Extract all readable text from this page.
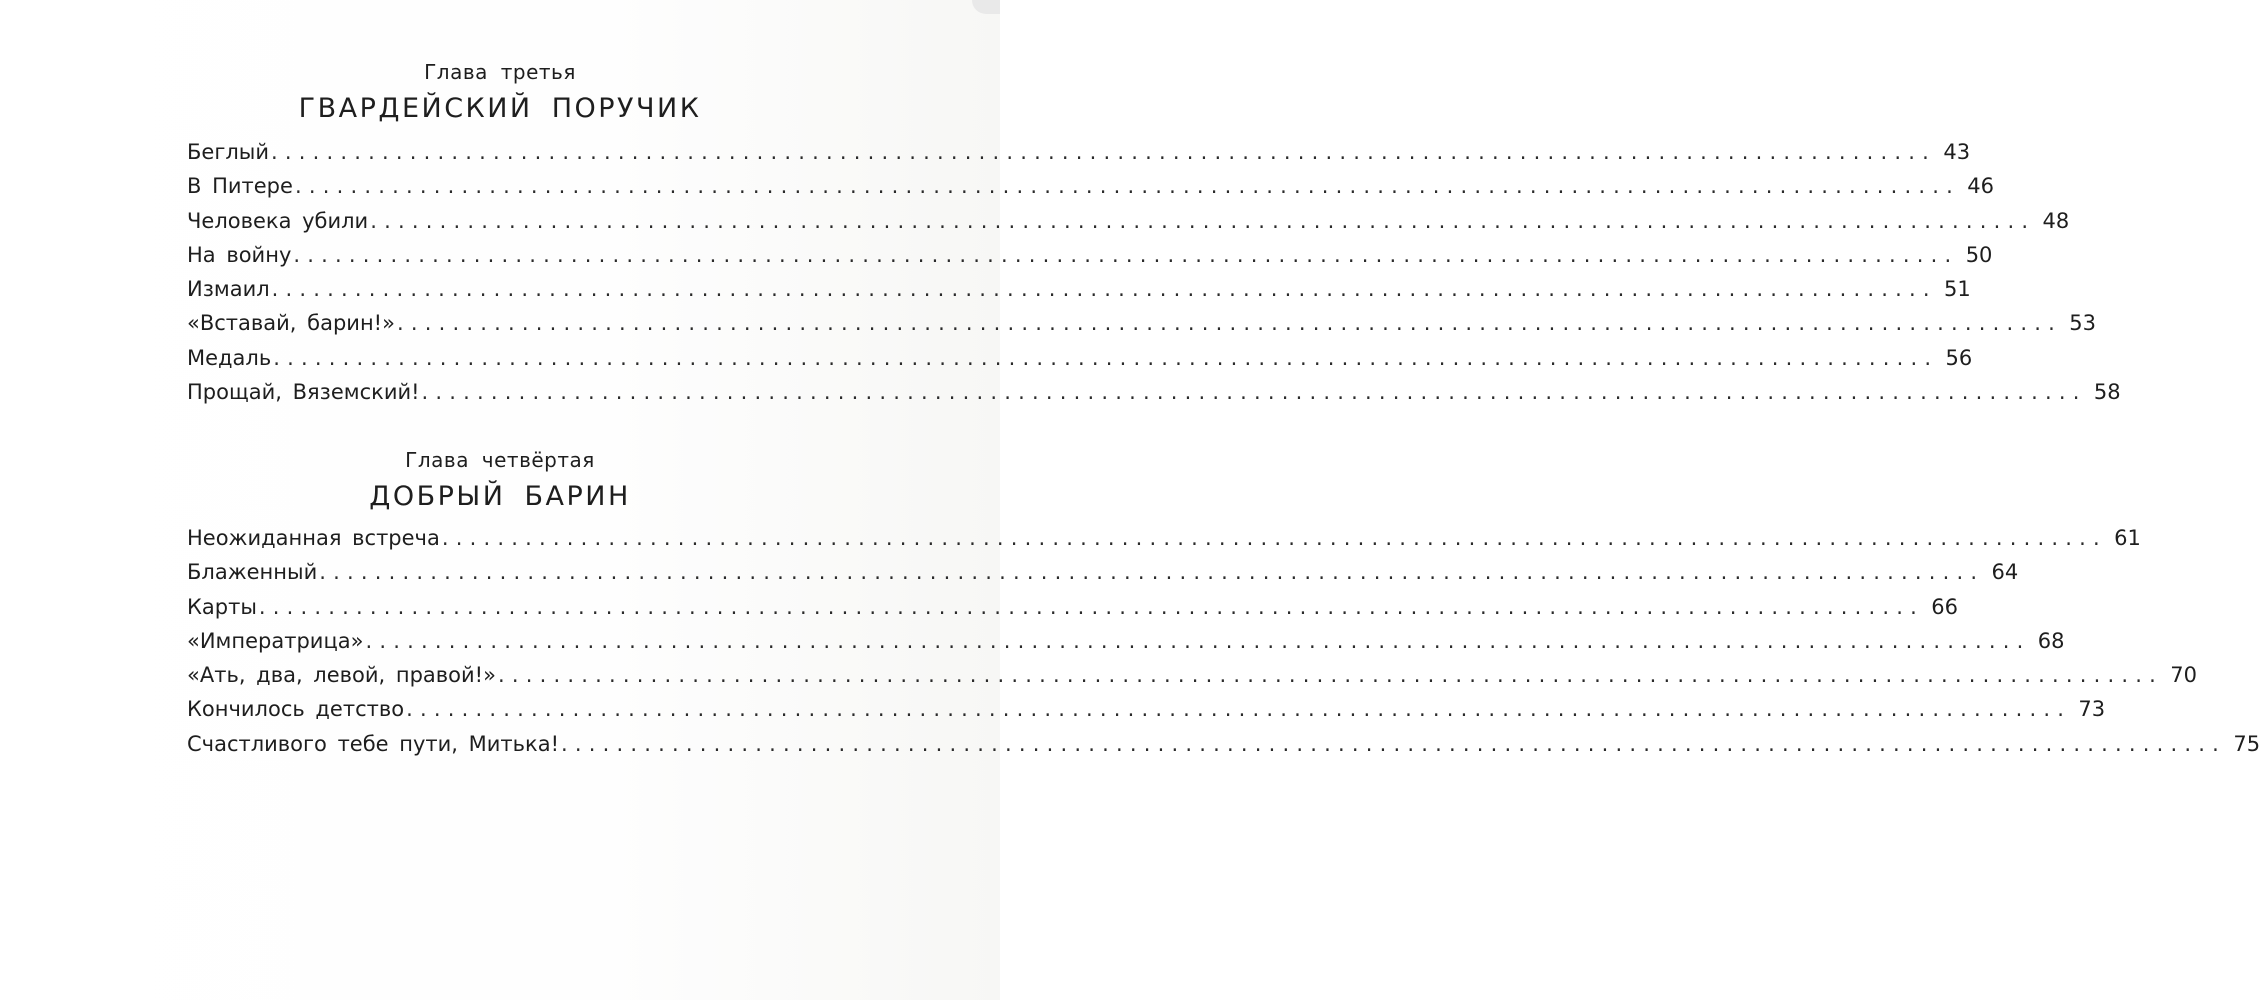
Глава третья
ГВАРДЕЙСКИЙ ПОРУЧИК
Беглый ........................................................................................................................ 43
В Питере ........................................................................................................................ 46
Человека убили ........................................................................................................................ 48
На войну ........................................................................................................................ 50
Измаил ........................................................................................................................ 51
«Вставай, барин!» ........................................................................................................................ 53
Медаль ........................................................................................................................ 56
Прощай, Вяземский! ........................................................................................................................ 58
Глава четвёртая
ДОБРЫЙ БАРИН
Неожиданная встреча ........................................................................................................................ 61
Блаженный ........................................................................................................................ 64
Карты ........................................................................................................................ 66
«Императрица» ........................................................................................................................ 68
«Ать, два, левой, правой!» ........................................................................................................................ 70
Кончилось детство ........................................................................................................................ 73
Счастливого тебе пути, Митька! ........................................................................................................................ 75
